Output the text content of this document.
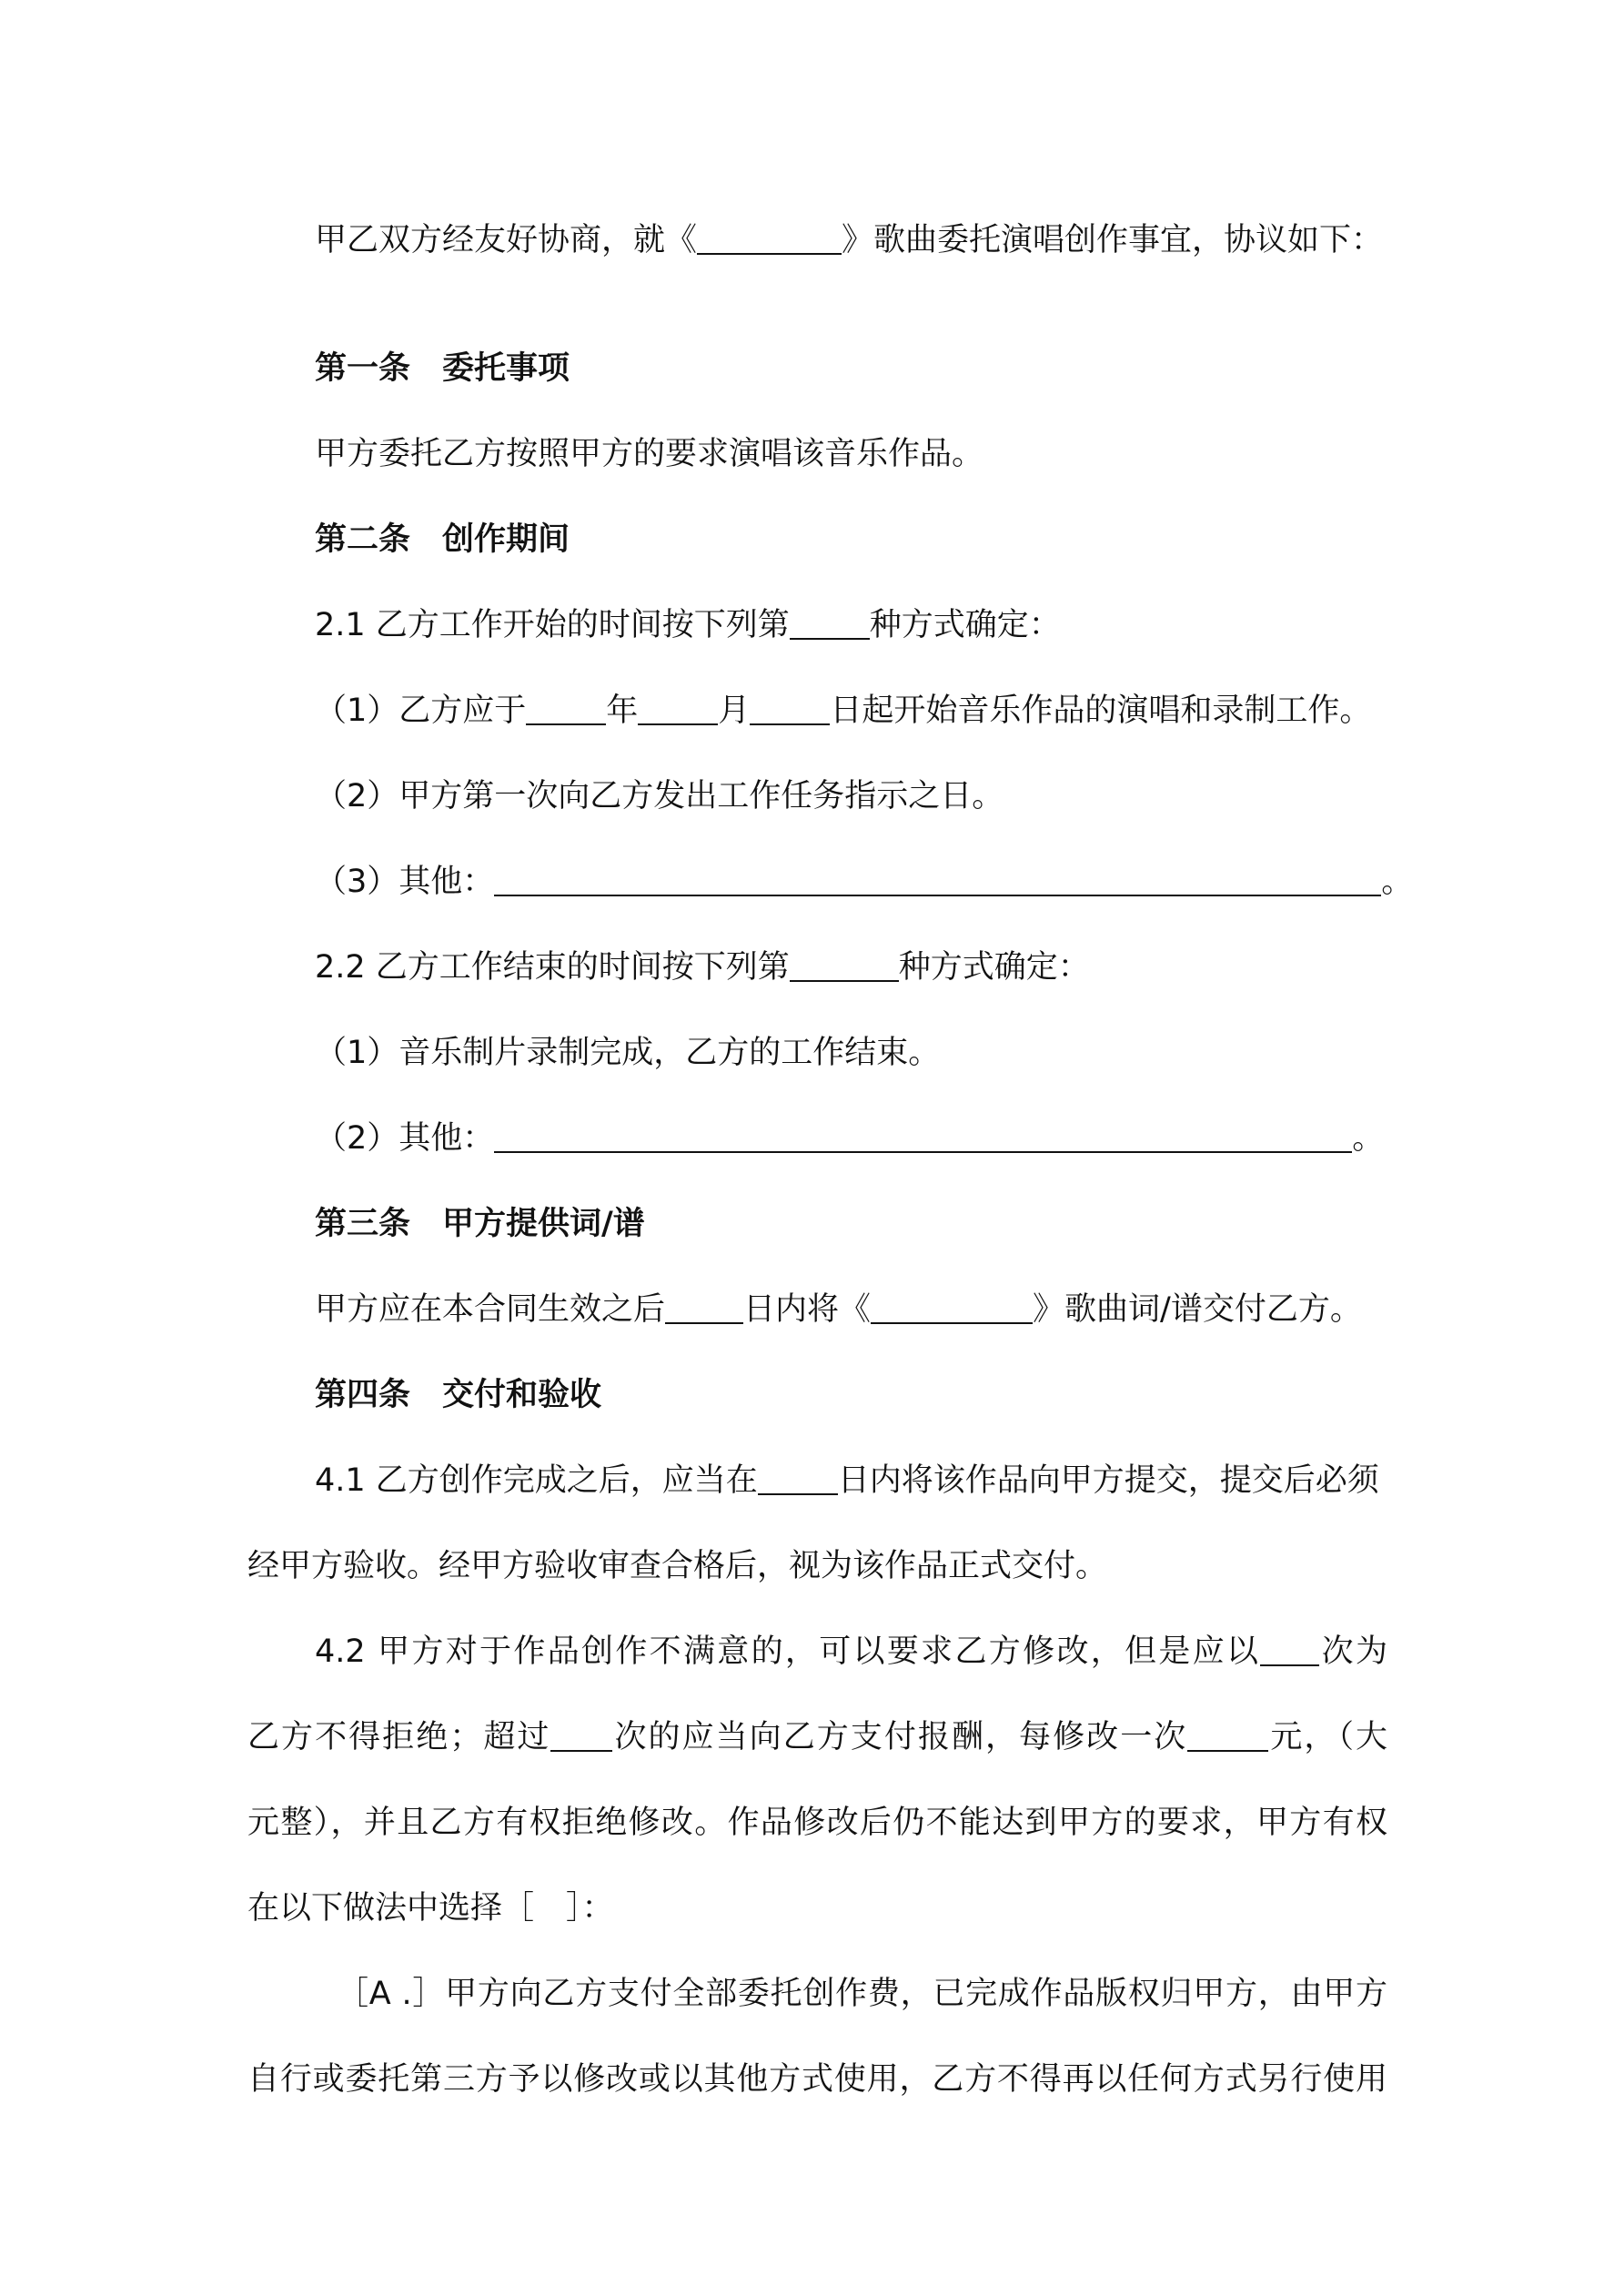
甲乙双方经友好协商，就《	》歌曲委托演唱创作事宜，协议如下：
第一条　委托事项
甲方委托乙方按照甲方的要求演唱该音乐作品。
第二条　创作期间
2.1 乙方工作开始的时间按下列第	种方式确定：
（1）乙方应于	年	月	日起开始音乐作品的演唱和录制工作。
（2）甲方第一次向乙方发出工作任务指示之日。
（3）其他：	。
2.2 乙方工作结束的时间按下列第	种方式确定：
（1）音乐制片录制完成，乙方的工作结束。
（2）其他：	。
第三条　甲方提供词/谱
甲方应在本合同生效之后 日内将《	》歌曲词/谱交付乙方。
第四条　交付和验收
4.1 乙方创作完成之后，应当在	日内将该作品向甲方提交，提交后必须
经甲方验收。经甲方验收审查合格后，视为该作品正式交付。
4.2 甲方对于作品创作不满意的，可以要求乙方修改，但是应以 次为
乙方不得拒绝；超过 次的应当向乙方支付报酬，每修改一次	元，（大
元整），并且乙方有权拒绝修改。作品修改后仍不能达到甲方的要求，甲方有权
在以下做法中选择［　］：
［A .］甲方向乙方支付全部委托创作费，已完成作品版权归甲方，由甲方
自行或委托第三方予以修改或以其他方式使用，乙方不得再以任何方式另行使用
